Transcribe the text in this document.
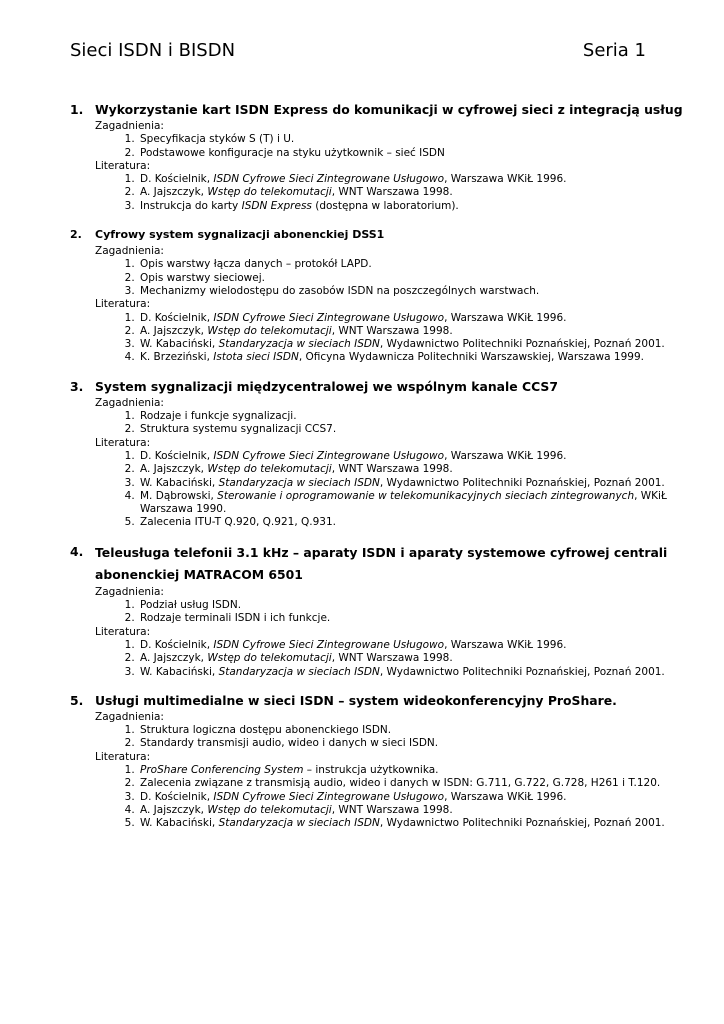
Sieci ISDN i BISDN	Seria 1
1. Wykorzystanie kart ISDN Express do komunikacji w cyfrowej sieci z integracją usług
Zagadnienia:
1. Specyfikacja styków S (T) i U.
2. Podstawowe konfiguracje na styku użytkownik – sieć ISDN
Literatura:
1. D. Kościelnik, ISDN Cyfrowe Sieci Zintegrowane Usługowo, Warszawa WKiŁ 1996.
2. A. Jajszczyk, Wstęp do telekomutacji, WNT Warszawa 1998.
3. Instrukcja do karty ISDN Express (dostępna w laboratorium).
2.	Cyfrowy system sygnalizacji abonenckiej DSS1
Zagadnienia:
1. Opis warstwy łącza danych – protokół LAPD.
2. Opis warstwy sieciowej.
3. Mechanizmy wielodostępu do zasobów ISDN na poszczególnych warstwach.
Literatura:
1. D. Kościelnik, ISDN Cyfrowe Sieci Zintegrowane Usługowo, Warszawa WKiŁ 1996.
2. A. Jajszczyk, Wstęp do telekomutacji, WNT Warszawa 1998.
3. W. Kabaciński, Standaryzacja w sieciach ISDN, Wydawnictwo Politechniki Poznańskiej, Poznań 2001.
4. K. Brzeziński, Istota sieci ISDN, Oficyna Wydawnicza Politechniki Warszawskiej, Warszawa 1999.
3. System sygnalizacji międzycentralowej we wspólnym kanale CCS7
Zagadnienia:
1. Rodzaje i funkcje sygnalizacji.
2. Struktura systemu sygnalizacji CCS7.
Literatura:
1. D. Kościelnik, ISDN Cyfrowe Sieci Zintegrowane Usługowo, Warszawa WKiŁ 1996.
2. A. Jajszczyk, Wstęp do telekomutacji, WNT Warszawa 1998.
3. W. Kabaciński, Standaryzacja w sieciach ISDN, Wydawnictwo Politechniki Poznańskiej, Poznań 2001.
4. M. Dąbrowski, Sterowanie i oprogramowanie w telekomunikacyjnych sieciach zintegrowanych, WKiŁ Warszawa 1990.
5. Zalecenia ITU-T Q.920, Q.921, Q.931.
4. Teleusługa telefonii 3.1 kHz – aparaty ISDN i aparaty systemowe cyfrowej centrali abonenckiej MATRACOM 6501
Zagadnienia:
1. Podział usług ISDN.
2. Rodzaje terminali ISDN i ich funkcje.
Literatura:
1. D. Kościelnik, ISDN Cyfrowe Sieci Zintegrowane Usługowo, Warszawa WKiŁ 1996.
2. A. Jajszczyk, Wstęp do telekomutacji, WNT Warszawa 1998.
3. W. Kabaciński, Standaryzacja w sieciach ISDN, Wydawnictwo Politechniki Poznańskiej, Poznań 2001.
5. Usługi multimedialne w sieci ISDN – system wideokonferencyjny ProShare.
Zagadnienia:
1. Struktura logiczna dostępu abonenckiego ISDN.
2. Standardy transmisji audio, wideo i danych w sieci ISDN.
Literatura:
1. ProShare Conferencing System – instrukcja użytkownika.
2. Zalecenia związane z transmisją audio, wideo i danych w ISDN: G.711, G.722, G.728, H261 i T.120.
3. D. Kościelnik, ISDN Cyfrowe Sieci Zintegrowane Usługowo, Warszawa WKiŁ 1996.
4. A. Jajszczyk, Wstęp do telekomutacji, WNT Warszawa 1998.
5. W. Kabaciński, Standaryzacja w sieciach ISDN, Wydawnictwo Politechniki Poznańskiej, Poznań 2001.
